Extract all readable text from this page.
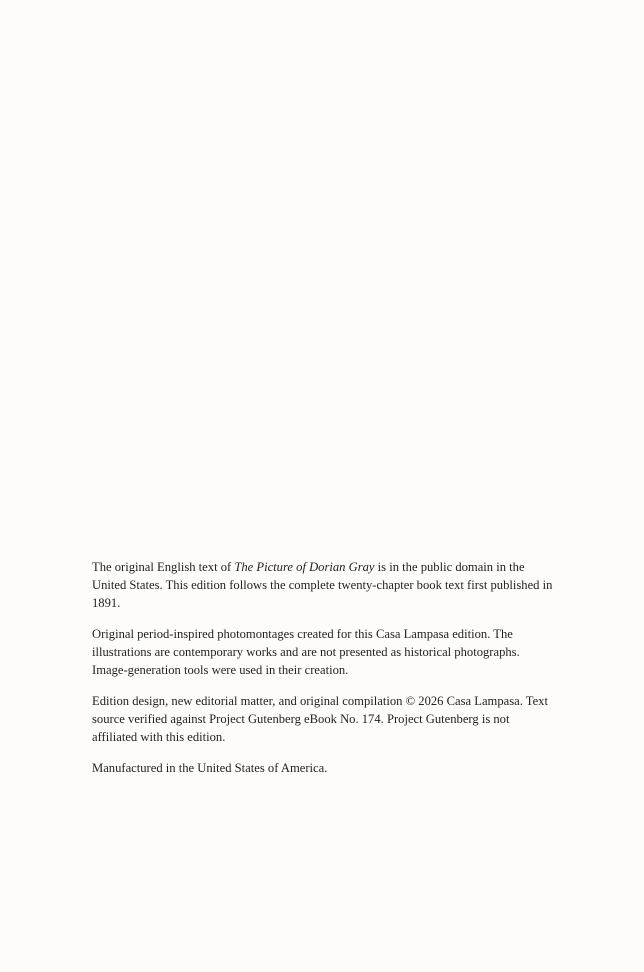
The original English text of The Picture of Dorian Gray is in the public domain in the United States. This edition follows the complete twenty-chapter book text first published in 1891.

Original period-inspired photomontages created for this Casa Lampasa edition. The illustrations are contemporary works and are not presented as historical photographs. Image-generation tools were used in their creation.

Edition design, new editorial matter, and original compilation © 2026 Casa Lampasa. Text source verified against Project Gutenberg eBook No. 174. Project Gutenberg is not affiliated with this edition.

Manufactured in the United States of America.
